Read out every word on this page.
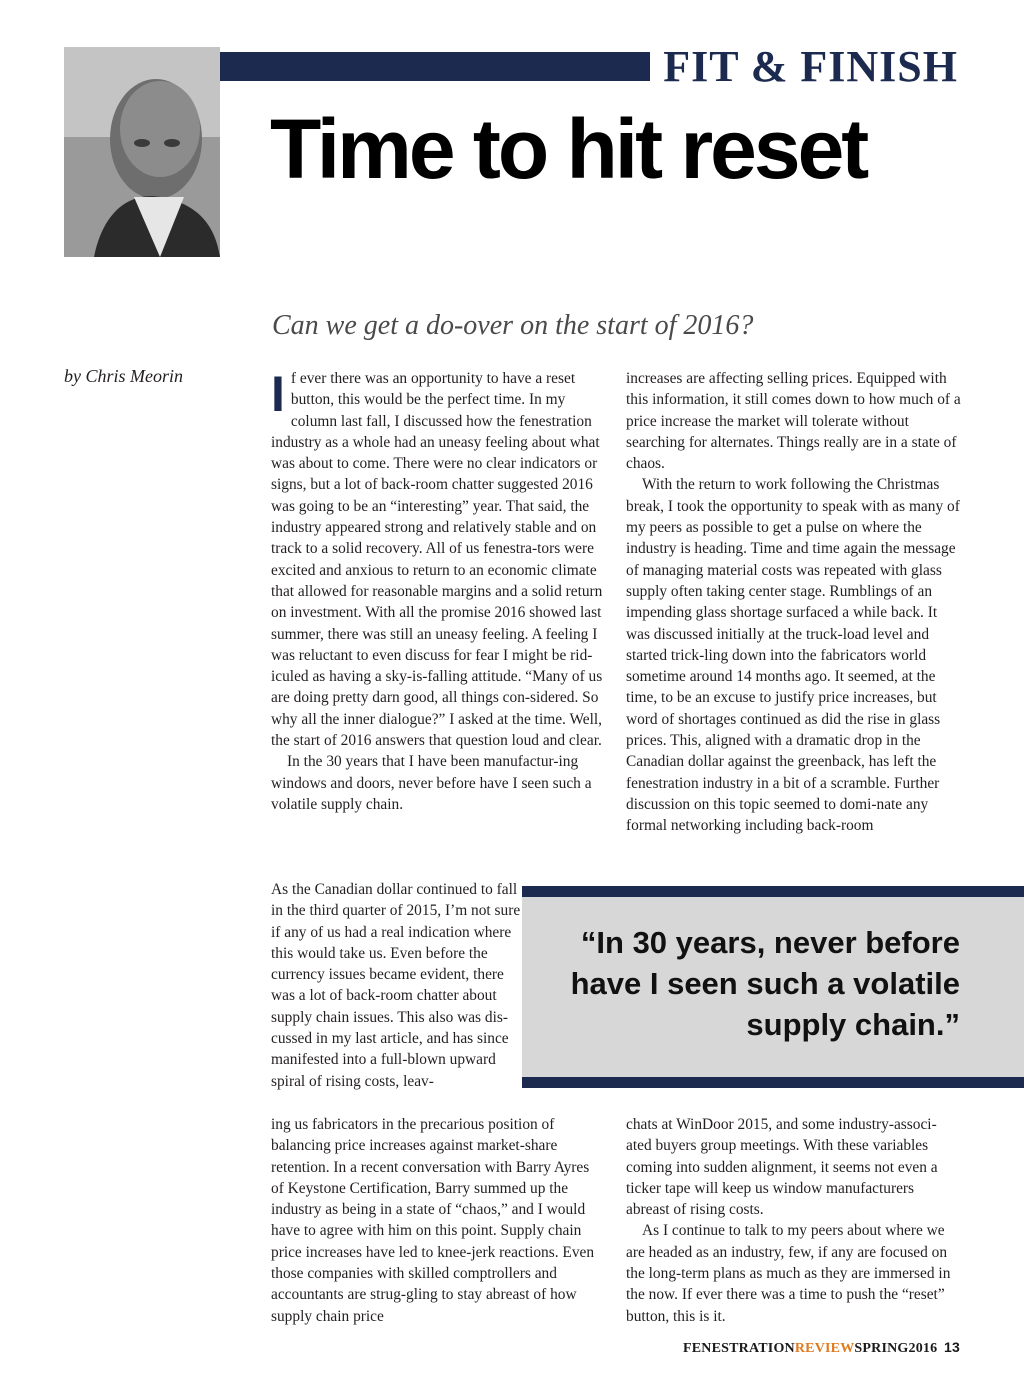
FIT & FINISH
Time to hit reset
Can we get a do-over on the start of 2016?
by Chris Meorin I f ever there was an opportunity to have a reset button, this would be the perfect time. In my column last fall, I discussed how the fenestration industry as a whole had an uneasy feeling about what was about to come. There were no clear indicators or signs, but a lot of back-room chatter suggested 2016 was going to be an “interesting” year. That said, the industry appeared strong and relatively stable and on track to a solid recovery. All of us fenestra-tors were excited and anxious to return to an economic climate that allowed for reasonable margins and a solid return on investment. With all the promise 2016 showed last summer, there was still an uneasy feeling. A feeling I was reluctant to even discuss for fear I might be rid-iculed as having a sky-is-falling attitude. “Many of us are doing pretty darn good, all things con-sidered. So why all the inner dialogue?” I asked at the time. Well, the start of 2016 answers that question loud and clear.

In the 30 years that I have been manufactur-ing windows and doors, never before have I seen such a volatile supply chain.

As the Canadian dollar continued to fall in the third quarter of 2015, I’m not sure if any of us had a real indication where this would take us. Even before the currency issues became evident, there was a lot of back-room chatter about supply chain issues. This also was dis-cussed in my last article, and has since manifested into a full-blown upward spiral of rising costs, leav-

ing us fabricators in the precarious position of balancing price increases against market-share retention. In a recent conversation with Barry Ayres of Keystone Certification, Barry summed up the industry as being in a state of “chaos,” and I would have to agree with him on this point. Supply chain price increases have led to knee-jerk reactions. Even those companies with skilled comptrollers and accountants are strug-gling to stay abreast of how supply chain price

increases are affecting selling prices. Equipped with this information, it still comes down to how much of a price increase the market will tolerate without searching for alternates. Things really are in a state of chaos.

With the return to work following the Christmas break, I took the opportunity to speak with as many of my peers as possible to get a pulse on where the industry is heading. Time and time again the message of managing material costs was repeated with glass supply often taking center stage. Rumblings of an impending glass shortage surfaced a while back. It was discussed initially at the truck-load level and started trick-ling down into the fabricators world sometime around 14 months ago. It seemed, at the time, to be an excuse to justify price increases, but word of shortages continued as did the rise in glass prices. This, aligned with a dramatic drop in the Canadian dollar against the greenback, has left the fenestration industry in a bit of a scramble. Further discussion on this topic seemed to domi-nate any formal networking including back-room

“In 30 years, never before have I seen such a volatile supply chain.”

chats at WinDoor 2015, and some industry-associ-ated buyers group meetings. With these variables coming into sudden alignment, it seems not even a ticker tape will keep us window manufacturers abreast of rising costs.

As I continue to talk to my peers about where we are headed as an industry, few, if any are focused on the long-term plans as much as they are immersed in the now. If ever there was a time to push the “reset” button, this is it.

FENESTRATIONREVIEWSPRING2016 13
